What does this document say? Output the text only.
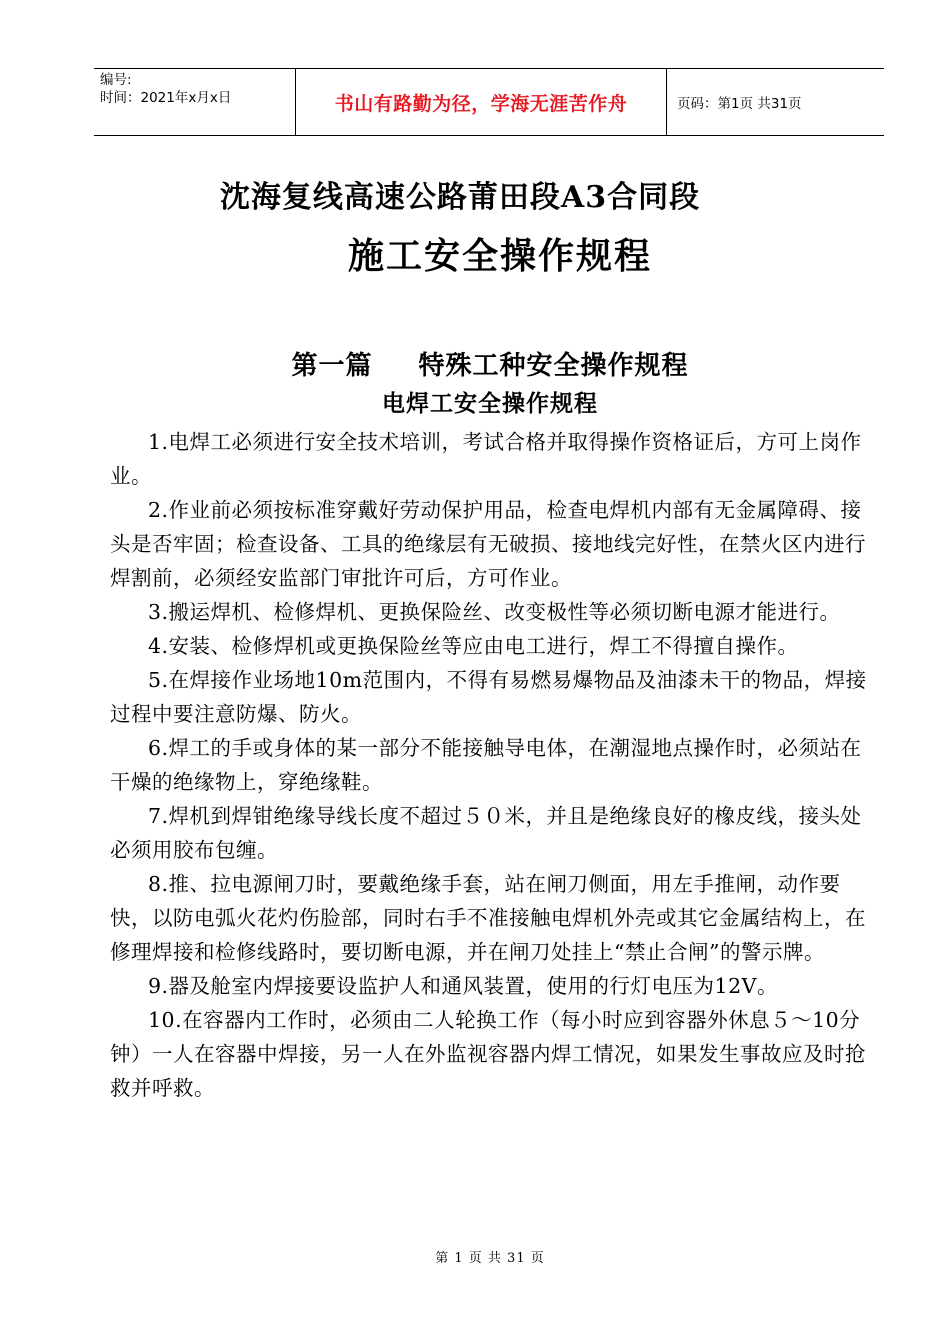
编号:
时间：2021年x月x日	书山有路勤为径，学海无涯苦作舟	页码：第1页 共31页
沈海复线高速公路莆田段A3合同段
施工安全操作规程
第一篇 特殊工种安全操作规程
电焊工安全操作规程

1.电焊工必须进行安全技术培训，考试合格并取得操作资格证后，方可上岗作业。

2.作业前必须按标准穿戴好劳动保护用品，检查电焊机内部有无金属障碍、接头是否牢固；检查设备、工具的绝缘层有无破损、接地线完好性，在禁火区内进行焊割前，必须经安监部门审批许可后，方可作业。

3.搬运焊机、检修焊机、更换保险丝、改变极性等必须切断电源才能进行。

4.安装、检修焊机或更换保险丝等应由电工进行，焊工不得擅自操作。

5.在焊接作业场地10m范围内，不得有易燃易爆物品及油漆未干的物品，焊接过程中要注意防爆、防火。

6.焊工的手或身体的某一部分不能接触导电体，在潮湿地点操作时，必须站在干燥的绝缘物上，穿绝缘鞋。

7.焊机到焊钳绝缘导线长度不超过５０米，并且是绝缘良好的橡皮线，接头处必须用胶布包缠。

8.推、拉电源闸刀时，要戴绝缘手套，站在闸刀侧面，用左手推闸，动作要快，以防电弧火花灼伤脸部，同时右手不准接触电焊机外壳或其它金属结构上，在修理焊接和检修线路时，要切断电源，并在闸刀处挂上“禁止合闸”的警示牌。

9.器及舱室内焊接要设监护人和通风装置，使用的行灯电压为12V。

10.在容器内工作时，必须由二人轮换工作（每小时应到容器外休息５～10分钟）一人在容器中焊接，另一人在外监视容器内焊工情况，如果发生事故应及时抢救并呼救。

第 1 页 共 31 页
